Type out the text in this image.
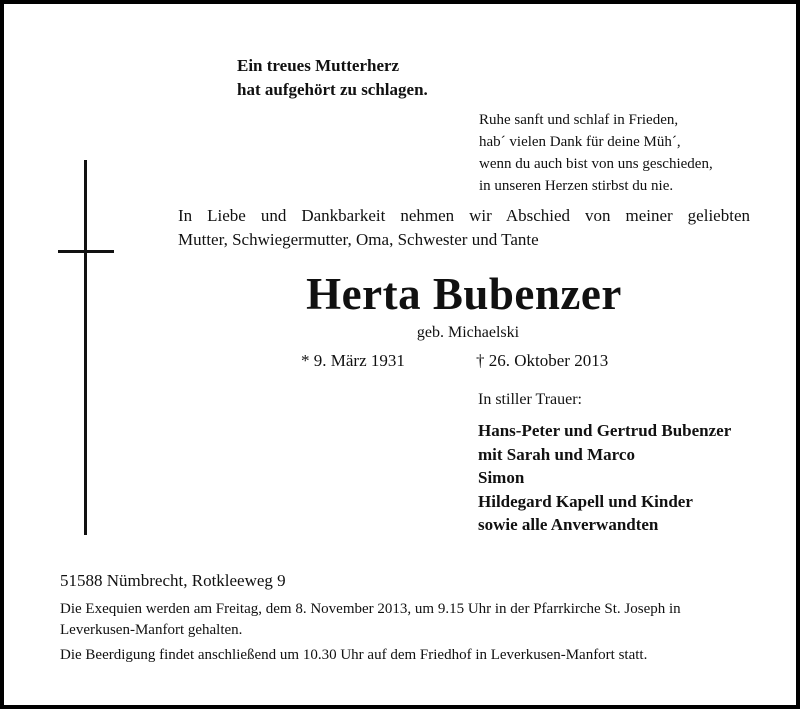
Ein treues Mutterherz
hat aufgehört zu schlagen.
Ruhe sanft und schlaf in Frieden,
hab´ vielen Dank für deine Müh´,
wenn du auch bist von uns geschieden,
in unseren Herzen stirbst du nie.
In Liebe und Dankbarkeit nehmen wir Abschied von meiner geliebten
Mutter, Schwiegermutter, Oma, Schwester und Tante
Herta Bubenzer
geb. Michaelski
* 9. März 1931	† 26. Oktober 2013
In stiller Trauer:
Hans-Peter und Gertrud Bubenzer
mit Sarah und Marco
Simon
Hildegard Kapell und Kinder
sowie alle Anverwandten
51588 Nümbrecht, Rotkleeweg 9
Die Exequien werden am Freitag, dem 8. November 2013, um 9.15 Uhr in der Pfarrkirche St. Joseph in Leverkusen-Manfort gehalten.
Die Beerdigung findet anschließend um 10.30 Uhr auf dem Friedhof in Leverkusen-Manfort statt.
